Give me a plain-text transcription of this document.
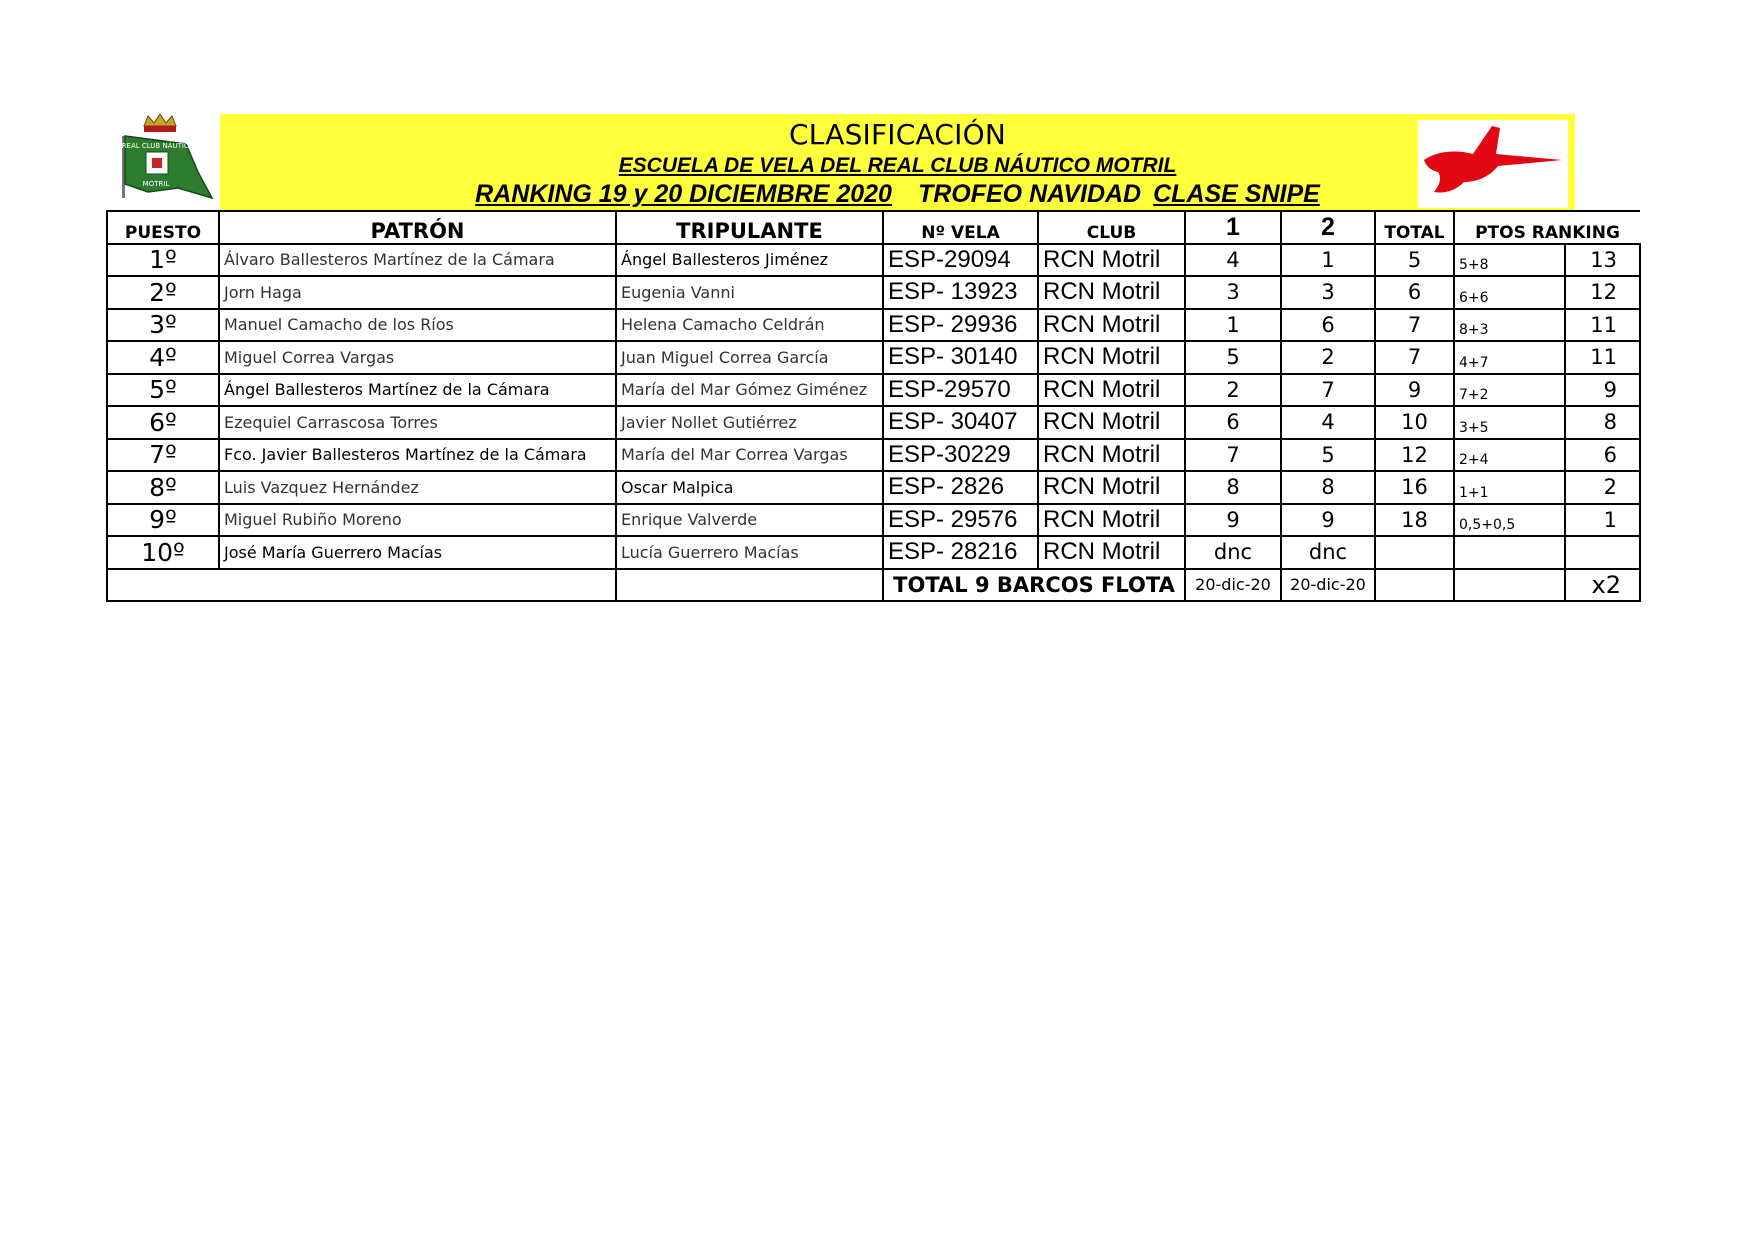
REAL CLUB NÁUTICO
MOTRIL
CLASIFICACIÓN
ESCUELA DE VELA DEL REAL CLUB NÁUTICO MOTRIL
RANKING 19 y 20 DICIEMBRE 2020 TROFEO NAVIDAD CLASE SNIPE
PUESTO	PATRÓN	TRIPULANTE	Nº VELA	CLUB	1	2	TOTAL	PTOS RANKING	
1º	Álvaro Ballesteros Martínez de la Cámara	Ángel Ballesteros Jiménez	ESP-29094	RCN Motril	4	1	5	5+8	13
2º	Jorn Haga	Eugenia Vanni	ESP- 13923	RCN Motril	3	3	6	6+6	12
3º	Manuel Camacho de los Ríos	Helena Camacho Celdrán	ESP- 29936	RCN Motril	1	6	7	8+3	11
4º	Miguel Correa Vargas	Juan Miguel Correa García	ESP- 30140	RCN Motril	5	2	7	4+7	11
5º	Ángel Ballesteros Martínez de la Cámara	María del Mar Gómez Giménez	ESP-29570	RCN Motril	2	7	9	7+2	9
6º	Ezequiel Carrascosa Torres	Javier Nollet Gutiérrez	ESP- 30407	RCN Motril	6	4	10	3+5	8
7º	Fco. Javier Ballesteros Martínez de la Cámara	María del Mar Correa Vargas	ESP-30229	RCN Motril	7	5	12	2+4	6
8º	Luis Vazquez Hernández	Oscar Malpica	ESP- 2826	RCN Motril	8	8	16	1+1	2
9º	Miguel Rubiño Moreno	Enrique Valverde	ESP- 29576	RCN Motril	9	9	18	0,5+0,5	1
10º	José María Guerrero Macías	Lucía Guerrero Macías	ESP- 28216	RCN Motril	dnc	dnc			
			TOTAL 9 BARCOS FLOTA		20-dic-20	20-dic-20			x2
